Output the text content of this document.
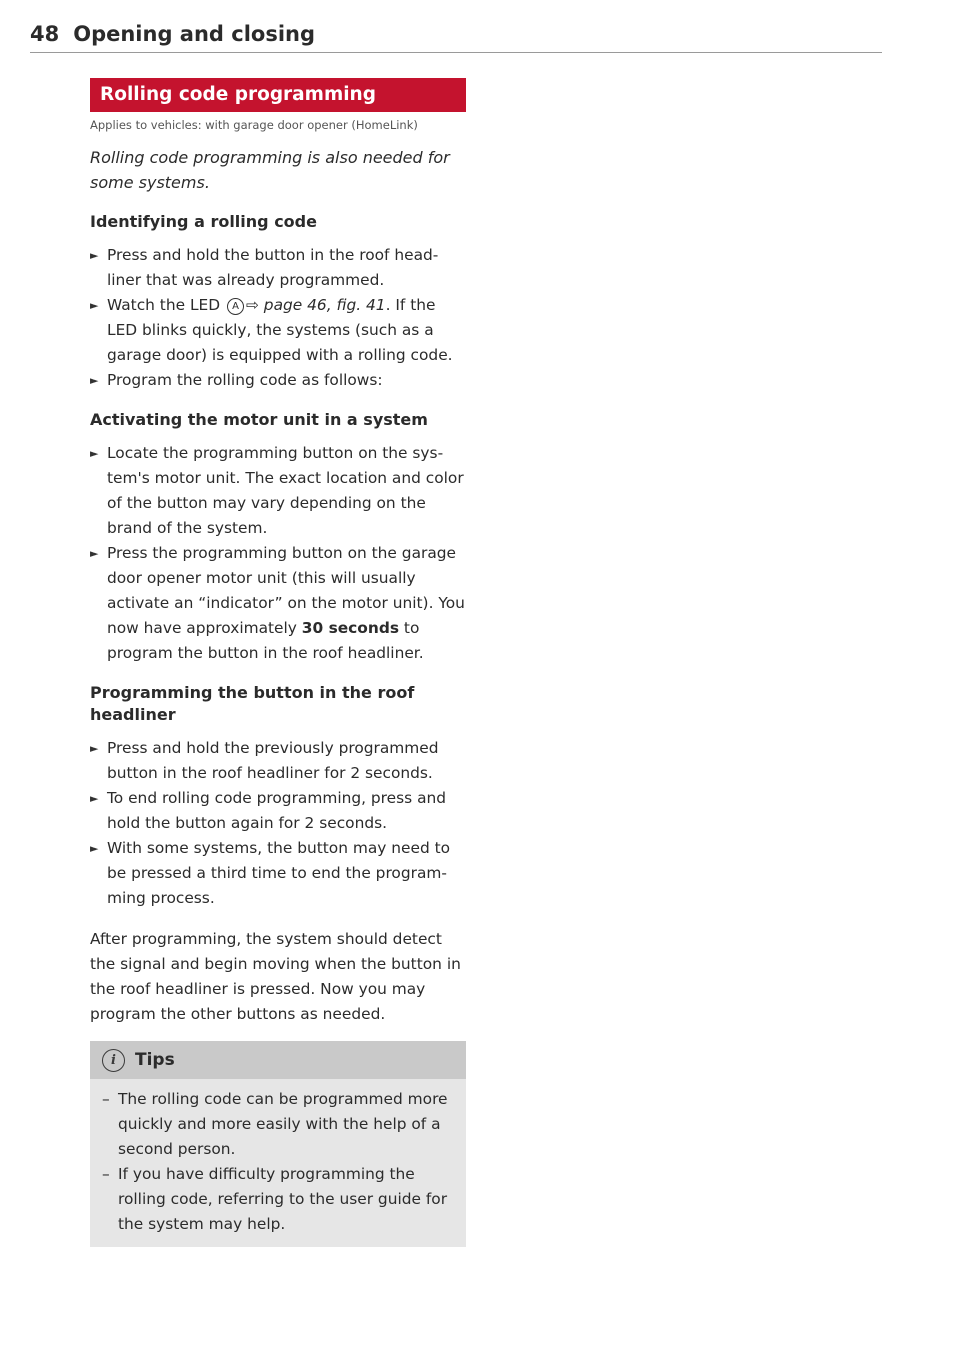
48 Opening and closing
Rolling code programming

Applies to vehicles: with garage door opener (HomeLink)

Rolling code programming is also needed for some systems.

Identifying a rolling code
► Press and hold the button in the roof headliner that was already programmed.
► Watch the LED A ⇨ page 46, fig. 41. If the LED blinks quickly, the systems (such as a garage door) is equipped with a rolling code.
► Program the rolling code as follows:
Activating the motor unit in a system
► Locate the programming button on the system's motor unit. The exact location and color of the button may vary depending on the brand of the system.
► Press the programming button on the garage door opener motor unit (this will usually activate an “indicator” on the motor unit). You now have approximately 30 seconds to program the button in the roof headliner.
Programming the button in the roof headliner
► Press and hold the previously programmed button in the roof headliner for 2 seconds.
► To end rolling code programming, press and hold the button again for 2 seconds.
► With some systems, the button may need to be pressed a third time to end the programming process.

After programming, the system should detect the signal and begin moving when the button in the roof headliner is pressed. Now you may program the other buttons as needed.

i	Tips
– The rolling code can be programmed more quickly and more easily with the help of a second person.
– If you have difficulty programming the rolling code, referring to the user guide for the system may help.
